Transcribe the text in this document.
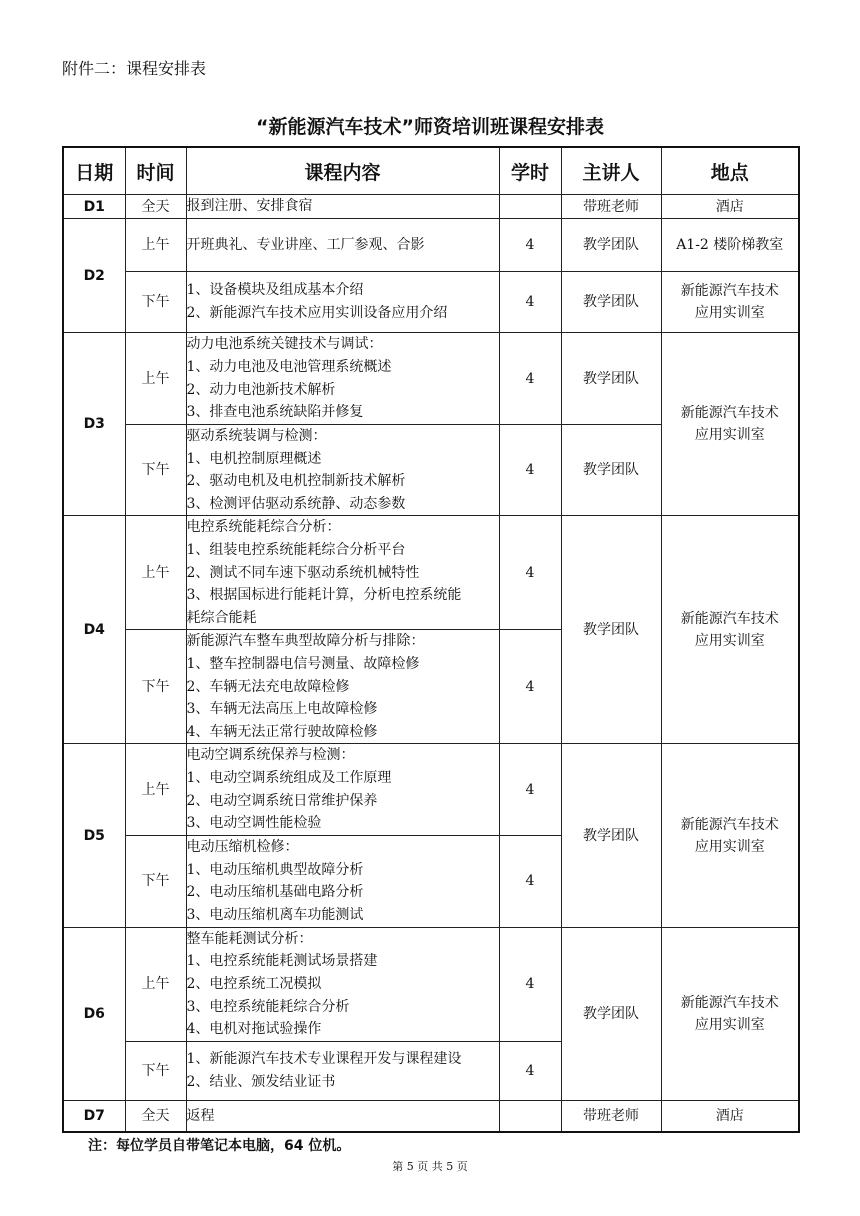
附件二：课程安排表
“新能源汽车技术”师资培训班课程安排表
日期	时间	课程内容	学时	主讲人	地点
D1	全天	报到注册、安排食宿		带班老师	酒店
D2	上午	开班典礼、专业讲座、工厂参观、合影	4	教学团队	A1-2 楼阶梯教室
	下午	1、设备模块及组成基本介绍
2、新能源汽车技术应用实训设备应用介绍	4	教学团队	新能源汽车技术
应用实训室

D3	上午	动力电池系统关键技术与调试：
1、动力电池及电池管理系统概述
2、动力电池新技术解析
3、排查电池系统缺陷并修复	4	教学团队	新能源汽车技术
应用实训室

	下午	驱动系统装调与检测：
1、电机控制原理概述
2、驱动电机及电机控制新技术解析
3、检测评估驱动系统静、动态参数	4	教学团队	
D4	上午	电控系统能耗综合分析：
1、组装电控系统能耗综合分析平台
2、测试不同车速下驱动系统机械特性
3、根据国标进行能耗计算，分析电控系统能
耗综合能耗	4	教学团队	新能源汽车技术
应用实训室

	下午	新能源汽车整车典型故障分析与排除：
1、整车控制器电信号测量、故障检修
2、车辆无法充电故障检修
3、车辆无法高压上电故障检修
4、车辆无法正常行驶故障检修	4		
D5	上午	电动空调系统保养与检测：
1、电动空调系统组成及工作原理
2、电动空调系统日常维护保养
3、电动空调性能检验	4	教学团队	新能源汽车技术
应用实训室

	下午	电动压缩机检修：
1、电动压缩机典型故障分析
2、电动压缩机基础电路分析
3、电动压缩机离车功能测试	4		
D6	上午	整车能耗测试分析：
1、电控系统能耗测试场景搭建
2、电控系统工况模拟
3、电控系统能耗综合分析
4、电机对拖试验操作	4	教学团队	新能源汽车技术
应用实训室

	下午	1、新能源汽车技术专业课程开发与课程建设
2、结业、颁发结业证书	4		
D7	全天	返程		带班老师	酒店
注：每位学员自带笔记本电脑，64 位机。
第 5 页 共 5 页
